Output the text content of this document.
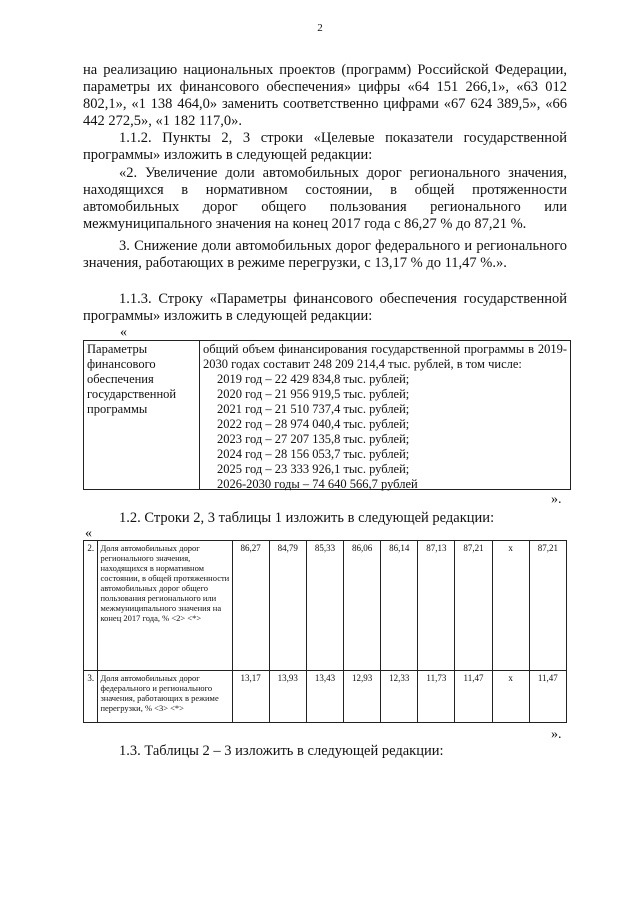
2
на реализацию национальных проектов (программ) Российской Федерации, параметры их финансового обеспечения» цифры «64 151 266,1», «63 012 802,1», «1 138 464,0» заменить соответственно цифрами «67 624 389,5», «66 442 272,5», «1 182 117,0».
1.1.2. Пункты 2, 3 строки «Целевые показатели государственной программы» изложить в следующей редакции:
«2. Увеличение доли автомобильных дорог регионального значения, находящихся в нормативном состоянии, в общей протяженности автомобильных дорог общего пользования регионального или межмуниципального значения на конец 2017 года с 86,27 % до 87,21 %.
3. Снижение доли автомобильных дорог федерального и регионального значения, работающих в режиме перегрузки, с 13,17 % до 11,47 %.».
1.1.3. Строку «Параметры финансового обеспечения государственной программы» изложить в следующей редакции:
«
Параметры финансового обеспечения государственной программы
общий объем финансирования государственной программы в 2019-2030 годах составит 248 209 214,4 тыс. рублей, в том числе:
2019 год – 22 429 834,8 тыс. рублей;
2020 год – 21 956 919,5 тыс. рублей;
2021 год – 21 510 737,4 тыс. рублей;
2022 год – 28 974 040,4 тыс. рублей;
2023 год – 27 207 135,8 тыс. рублей;
2024 год – 28 156 053,7 тыс. рублей;
2025 год – 23 333 926,1 тыс. рублей;
2026-2030 годы – 74 640 566,7 рублей
».
1.2. Строки 2, 3 таблицы 1 изложить в следующей редакции:
«
2.	Доля автомобильных дорог регионального значения, находящихся в нормативном состоянии, в общей протяженности автомобильных дорог общего пользования регионального или межмуниципального значения на конец 2017 года, % <2> <*>	86,27	84,79	85,33	86,06	86,14	87,13	87,21	x	87,21
3.	Доля автомобильных дорог федерального и регионального значения, работающих в режиме перегрузки, % <3> <*>	13,17	13,93	13,43	12,93	12,33	11,73	11,47	x	11,47
».
1.3. Таблицы 2 – 3 изложить в следующей редакции:
